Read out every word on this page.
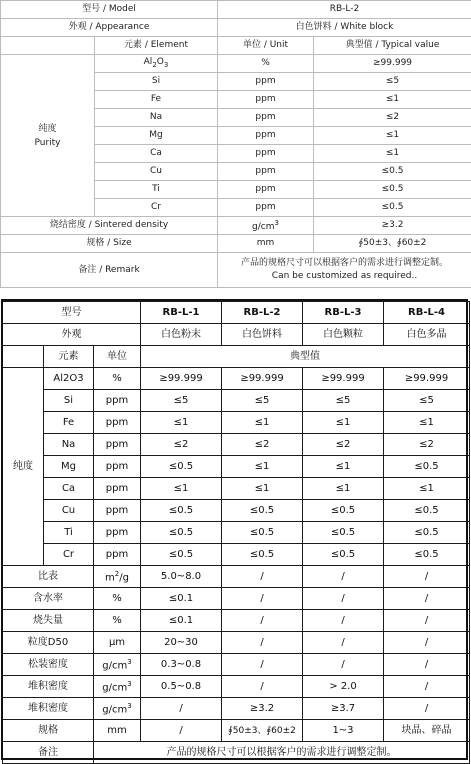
型号 / Model		RB-L-2	
外观 / Appearance		白色饼料 / White block	
	元素 / Element	单位 / Unit	典型值 / Typical value

纯度
Purity	$Al_2O_3$	%	≥99.999
	Si	ppm	≤5
	Fe	ppm	≤1
	Na	ppm	≤2
	Mg	ppm	≤1
	Ca	ppm	≤1
	Cu	ppm	≤0.5
	Ti	ppm	≤0.5
	Cr	ppm	≤0.5
烧结密度 / Sintered density		$g/cm^3$	≥3.2
规格 / Size		mm	∮50±3、∮60±2
备注 / Remark		产品的规格尺寸可以根据客户的需求进行调整定制。
Can be customized as required..	
型号			RB-L-1	RB-L-2	RB-L-3	RB-L-4
外观			白色粉末	白色饼料	白色颗粒	白色多晶
	元素	单位	典型值			
纯度	Al2O3	%	≥99.999	≥99.999	≥99.999	≥99.999
	Si	ppm	≤5	≤5	≤5	≤5
	Fe	ppm	≤1	≤1	≤1	≤1
	Na	ppm	≤2	≤2	≤2	≤2
	Mg	ppm	≤0.5	≤1	≤1	≤0.5
	Ca	ppm	≤1	≤1	≤1	≤1
	Cu	ppm	≤0.5	≤0.5	≤0.5	≤0.5
	Ti	ppm	≤0.5	≤0.5	≤0.5	≤0.5
	Cr	ppm	≤0.5	≤0.5	≤0.5	≤0.5
比表		$m^2/g$	5.0~8.0	/	/	/
含水率		%	≤0.1	/	/	/
烧失量		%	≤0.1	/	/	/
粒度D50		μm	20~30	/	/	/
松装密度		$g/cm^3$	0.3~0.8	/	/	/
堆积密度		$g/cm^3$	0.5~0.8	/	> 2.0	/
堆积密度		$g/cm^3$	/	≥3.2	≥3.7	/
规格		mm	/	∮50±3、∮60±2	1~3	块晶、碎晶
备注		产品的规格尺寸可以根据客户的需求进行调整定制。				
